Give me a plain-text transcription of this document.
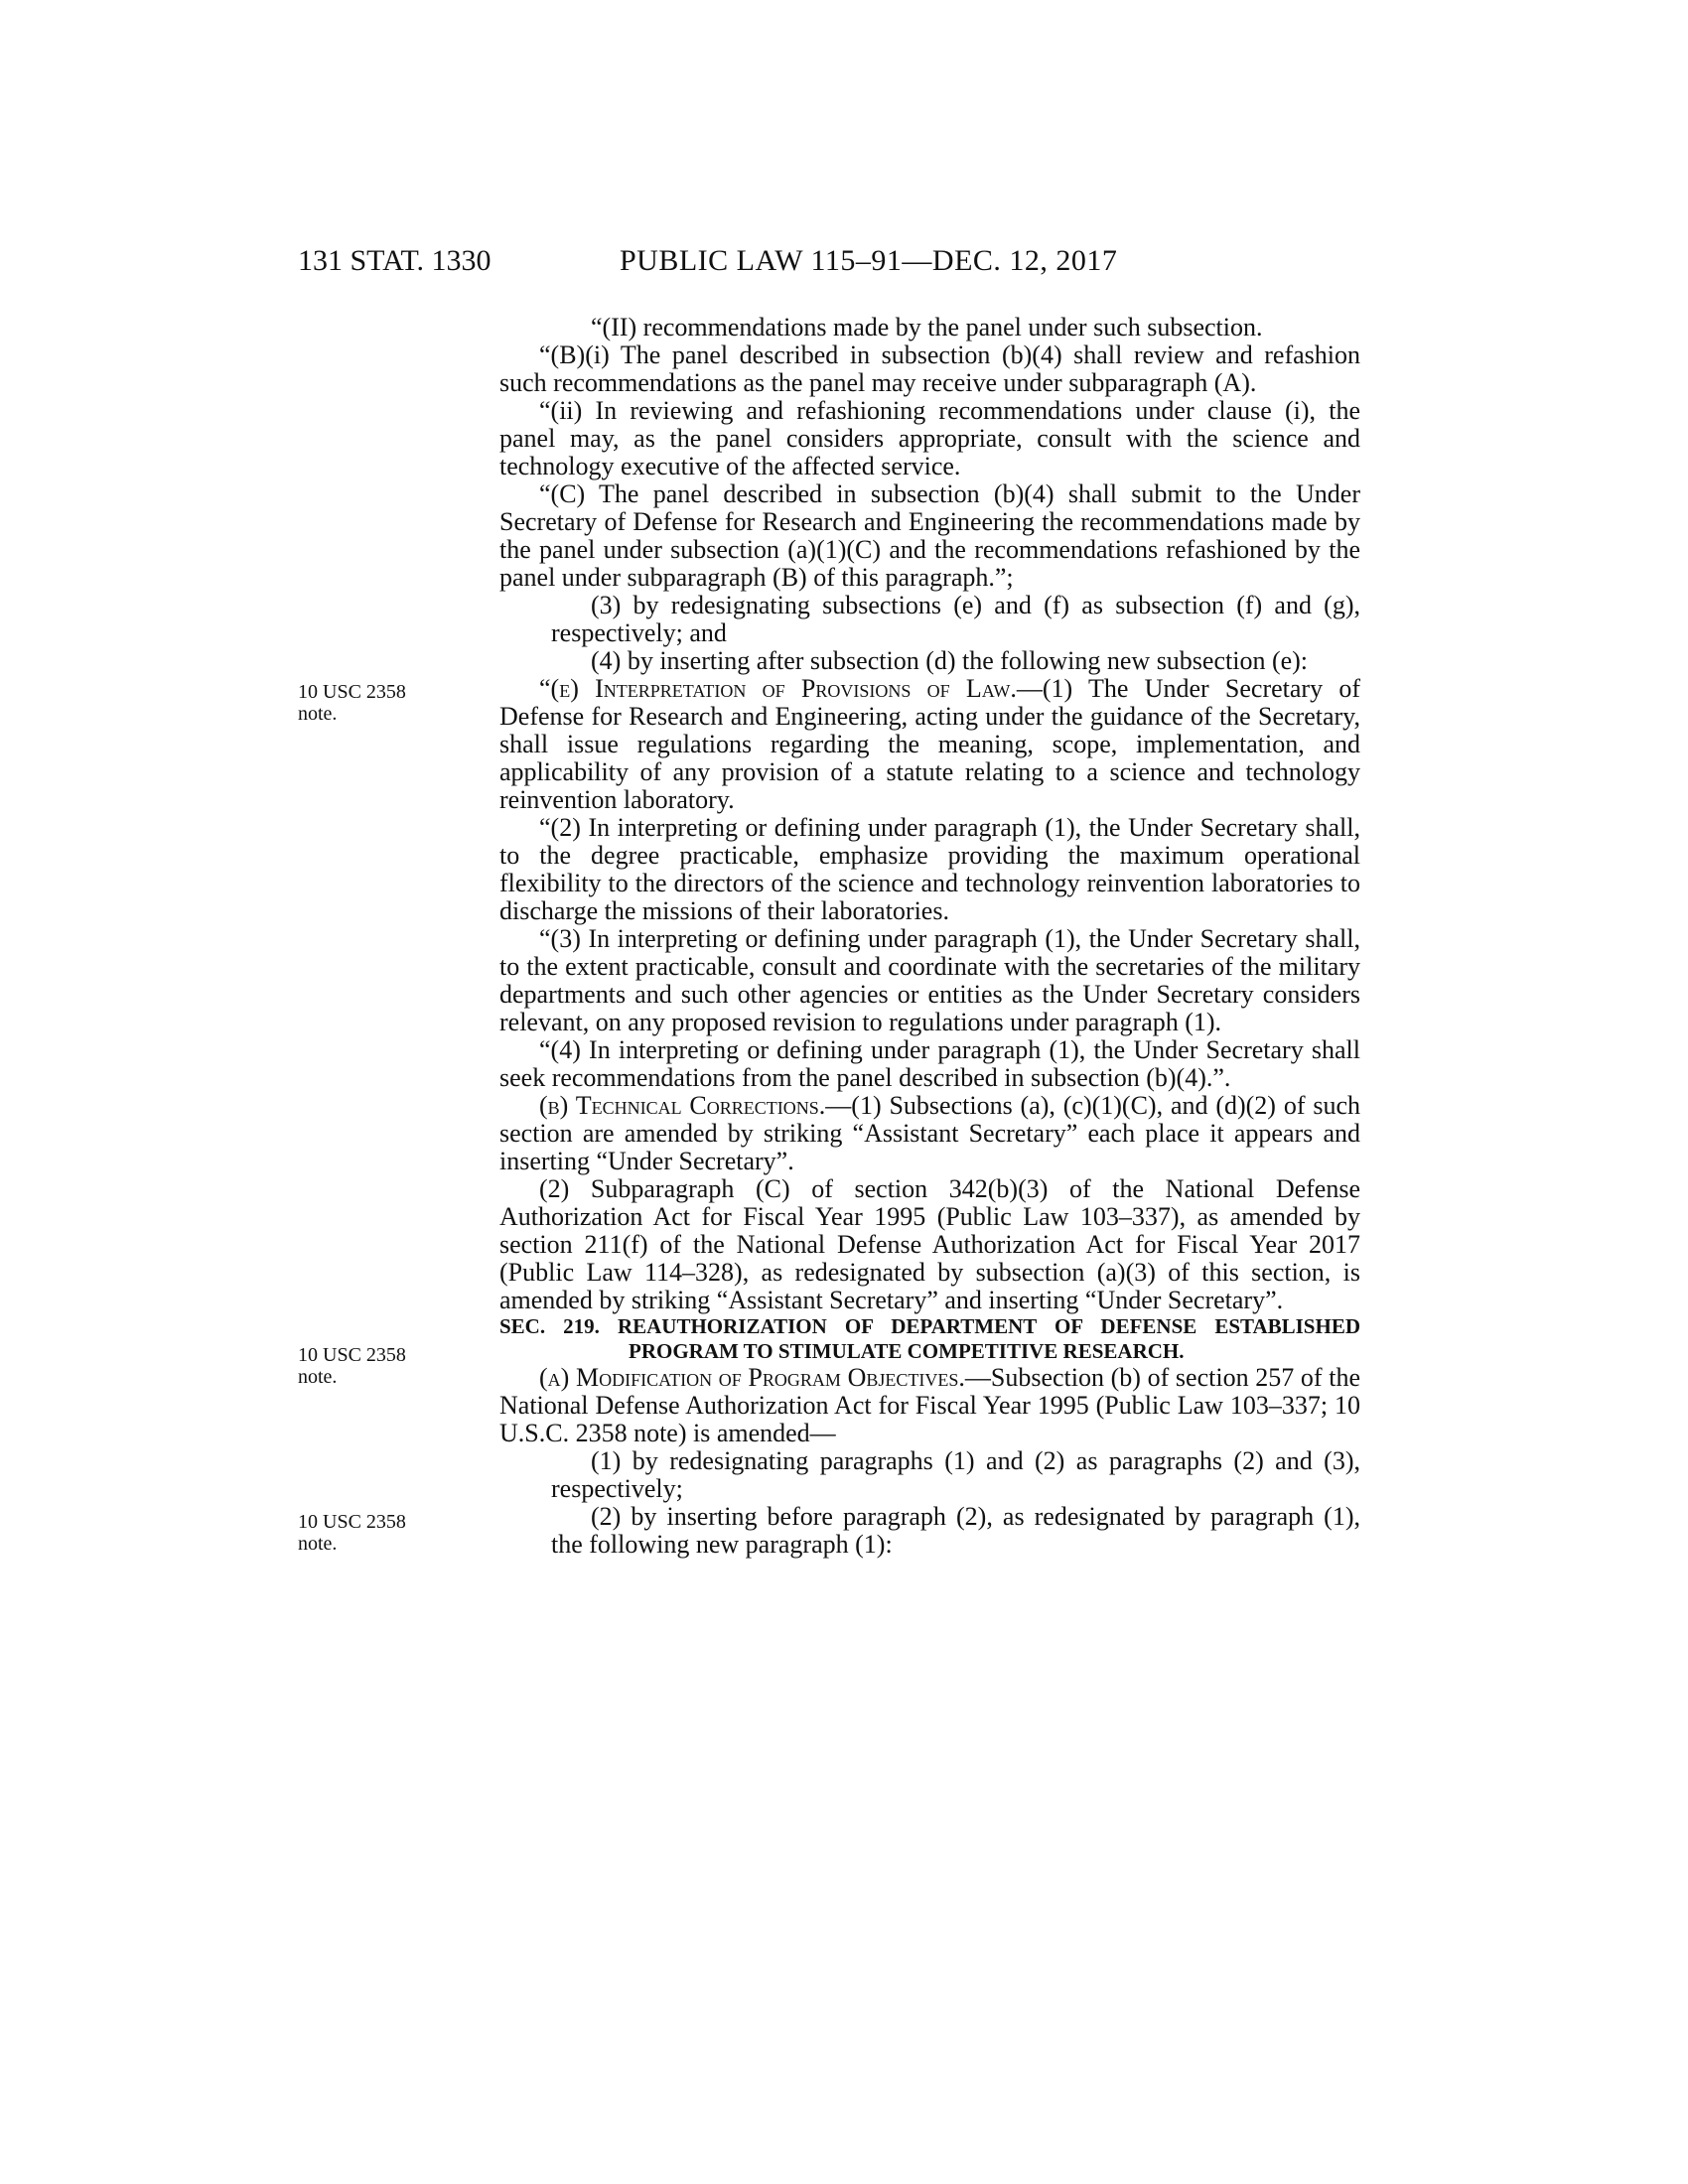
131 STAT. 1330	PUBLIC LAW 115–91—DEC. 12, 2017
10 USC 2358
note.
10 USC 2358
note.
10 USC 2358
note.

“(II) recommendations made by the panel under such subsection.

“(B)(i) The panel described in subsection (b)(4) shall review and refashion such recommendations as the panel may receive under subparagraph (A).

“(ii) In reviewing and refashioning recommendations under clause (i), the panel may, as the panel considers appropriate, consult with the science and technology executive of the affected service.

“(C) The panel described in subsection (b)(4) shall submit to the Under Secretary of Defense for Research and Engineering the recommendations made by the panel under subsection (a)(1)(C) and the recommendations refashioned by the panel under subparagraph (B) of this paragraph.”;

(3) by redesignating subsections (e) and (f) as subsection (f) and (g), respectively; and

(4) by inserting after subsection (d) the following new subsection (e):

“(e) Interpretation of Provisions of Law.—(1) The Under Secretary of Defense for Research and Engineering, acting under the guidance of the Secretary, shall issue regulations regarding the meaning, scope, implementation, and applicability of any provision of a statute relating to a science and technology reinvention laboratory.

“(2) In interpreting or defining under paragraph (1), the Under Secretary shall, to the degree practicable, emphasize providing the maximum operational flexibility to the directors of the science and technology reinvention laboratories to discharge the missions of their laboratories.

“(3) In interpreting or defining under paragraph (1), the Under Secretary shall, to the extent practicable, consult and coordinate with the secretaries of the military departments and such other agencies or entities as the Under Secretary considers relevant, on any proposed revision to regulations under paragraph (1).

“(4) In interpreting or defining under paragraph (1), the Under Secretary shall seek recommendations from the panel described in subsection (b)(4).”.

(b) Technical Corrections.—(1) Subsections (a), (c)(1)(C), and (d)(2) of such section are amended by striking “Assistant Secretary” each place it appears and inserting “Under Secretary”.

(2) Subparagraph (C) of section 342(b)(3) of the National Defense Authorization Act for Fiscal Year 1995 (Public Law 103–337), as amended by section 211(f) of the National Defense Authorization Act for Fiscal Year 2017 (Public Law 114–328), as redesignated by subsection (a)(3) of this section, is amended by striking “Assistant Secretary” and inserting “Under Secretary”.

SEC. 219. REAUTHORIZATION OF DEPARTMENT OF DEFENSE ESTABLISHED PROGRAM TO STIMULATE COMPETITIVE RESEARCH.

(a) Modification of Program Objectives.—Subsection (b) of section 257 of the National Defense Authorization Act for Fiscal Year 1995 (Public Law 103–337; 10 U.S.C. 2358 note) is amended—

(1) by redesignating paragraphs (1) and (2) as paragraphs (2) and (3), respectively;

(2) by inserting before paragraph (2), as redesignated by paragraph (1), the following new paragraph (1):
